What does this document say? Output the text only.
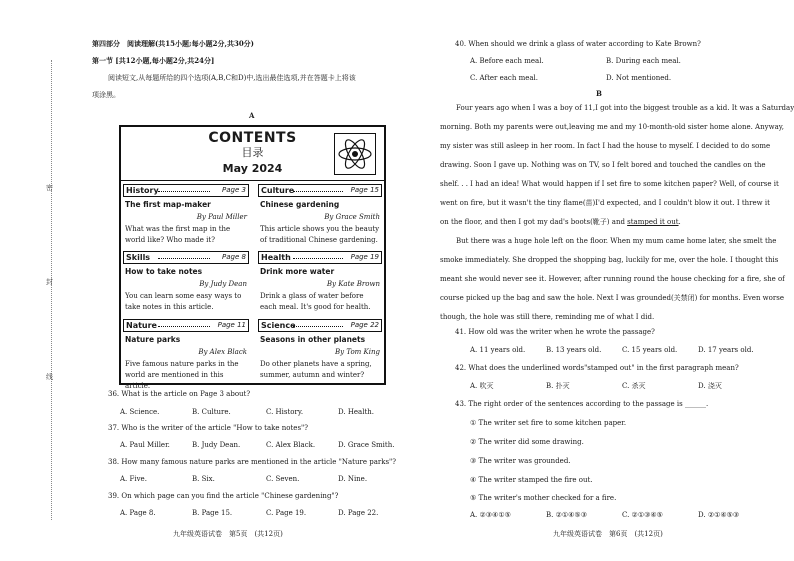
密
封
线
第四部分　阅读理解(共15小题;每小题2分,共30分)
第一节 [共12小题,每小题2分,共24分]
阅读短文,从每题所给的四个选项(A,B,C和D)中,选出最佳选项,并在答题卡上将该
项涂黑。
A
CONTENTS
目录
May 2024
History	Page 3	Culture	Page 15
The first map-maker	Chinese gardening
By Paul Miller	By Grace Smith
What was the first map in the world like? Who made it?
This article shows you the beauty of traditional Chinese gardening.
Skills	Page 8	Health	Page 19
How to take notes	Drink more water
By Judy Dean	By Kate Brown
You can learn some easy ways to take notes in this article.
Drink a glass of water before each meal. It's good for health.
Nature	Page 11	Science	Page 22
Nature parks	Seasons in other planets
By Alex Black	By Tom King
Five famous nature parks in the world are mentioned in this article.
Do other planets have a spring, summer, autumn and winter?
36. What is the article on Page 3 about?
A. Science.	B. Culture.	C. History.	D. Health.
37. Who is the writer of the article "How to take notes"?
A. Paul Miller.	B. Judy Dean.	C. Alex Black.	D. Grace Smith.
38. How many famous nature parks are mentioned in the article "Nature parks"?
A. Five.	B. Six.	C. Seven.	D. Nine.
39. On which page can you find the article "Chinese gardening"?
A. Page 8.	B. Page 15.	C. Page 19.	D. Page 22.
九年级英语试卷　第5页　(共12页)
40. When should we drink a glass of water according to Kate Brown?
A. Before each meal.	B. During each meal.
C. After each meal.	D. Not mentioned.
B
Four years ago when I was a boy of 11,I got into the biggest trouble as a kid. It was a Saturday
morning. Both my parents were out,leaving me and my 10-month-old sister home alone. Anyway,
my sister was still asleep in her room. In fact I had the house to myself. I decided to do some
drawing. Soon I gave up. Nothing was on TV, so I felt bored and touched the candles on the
shelf. . . I had an idea! What would happen if I set fire to some kitchen paper? Well, of course it
went on fire, but it wasn't the tiny flame(苗)I'd expected, and I couldn't blow it out. I threw it
on the floor, and then I got my dad's boots(靴子) and stamped it out.
But there was a huge hole left on the floor. When my mum came home later, she smelt the
smoke immediately. She dropped the shopping bag, luckily for me, over the hole. I thought this
meant she would never see it. However, after running round the house checking for a fire, she of
course picked up the bag and saw the hole. Next I was grounded(关禁闭) for months. Even worse
though, the hole was still there, reminding me of what I did.
41. How old was the writer when he wrote the passage?
A. 11 years old.	B. 13 years old.	C. 15 years old.	D. 17 years old.
42. What does the underlined words"stamped out" in the first paragraph mean?
A. 吹灭	B. 扑灭	C. 杀灭	D. 浇灭
43. The right order of the sentences according to the passage is ______.
① The writer set fire to some kitchen paper.
② The writer did some drawing.
③ The writer was grounded.
④ The writer stamped the fire out.
⑤ The writer's mother checked for a fire.
A. ②③④①⑤	B. ②①④⑤③	C. ②①③④⑤	D. ②①④⑤③
九年级英语试卷　第6页　(共12页)
